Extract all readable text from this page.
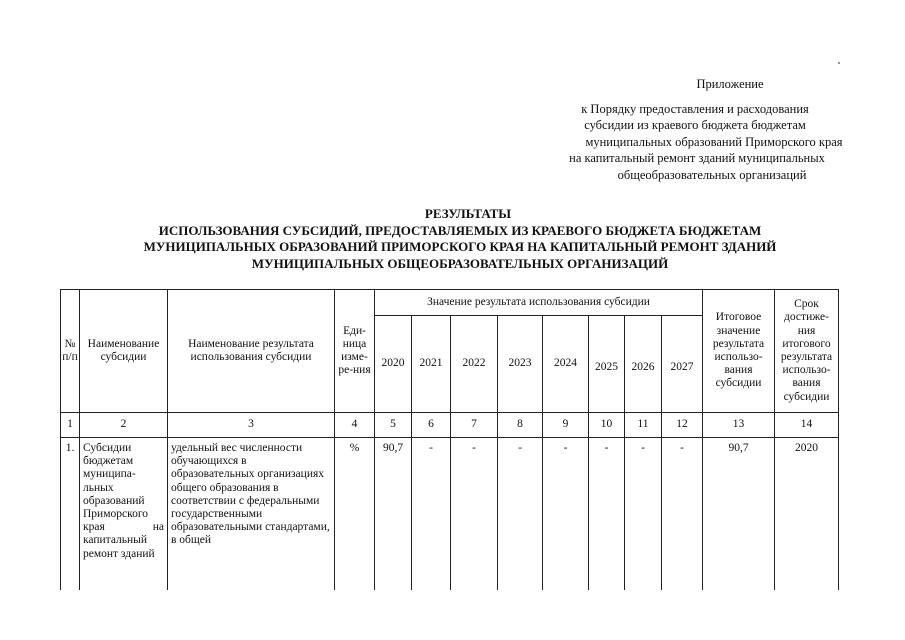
Приложение
к Порядку предоставления и расходования
субсидии из краевого бюджета бюджетам
муниципальных образований Приморского края
на капитальный ремонт зданий муниципальных
общеобразовательных организаций
РЕЗУЛЬТАТЫ
ИСПОЛЬЗОВАНИЯ СУБСИДИЙ, ПРЕДОСТАВЛЯЕМЫХ ИЗ КРАЕВОГО БЮДЖЕТА БЮДЖЕТАМ
МУНИЦИПАЛЬНЫХ ОБРАЗОВАНИЙ ПРИМОРСКОГО КРАЯ НА КАПИТАЛЬНЫЙ РЕМОНТ ЗДАНИЙ
МУНИЦИПАЛЬНЫХ ОБЩЕОБРАЗОВАТЕЛЬНЫХ ОРГАНИЗАЦИЙ
№ п/п	Наименование субсидии	Наименование результата использования субсидии	Еди-ница изме-ре-ния	Значение результата использования субсидии								Итоговое значение результата использо-вания субсидии	Срок достиже-ния итогового результата использо-вания субсидии
				2020	2021	2022	2023	2024	2025	2026	2027		
1	2	3	4	5	6	7	8	9	10	11	12	13	14
1.	Субсидии бюджетам муниципа-льных образований Приморского края на капитальный ремонт зданий	удельный вес численности обучающихся в образовательных организациях общего образования в соответствии с федеральными государственными образовательными стандартами, в общей	%	90,7	-	-	-	-	-	-	-	90,7	2020
